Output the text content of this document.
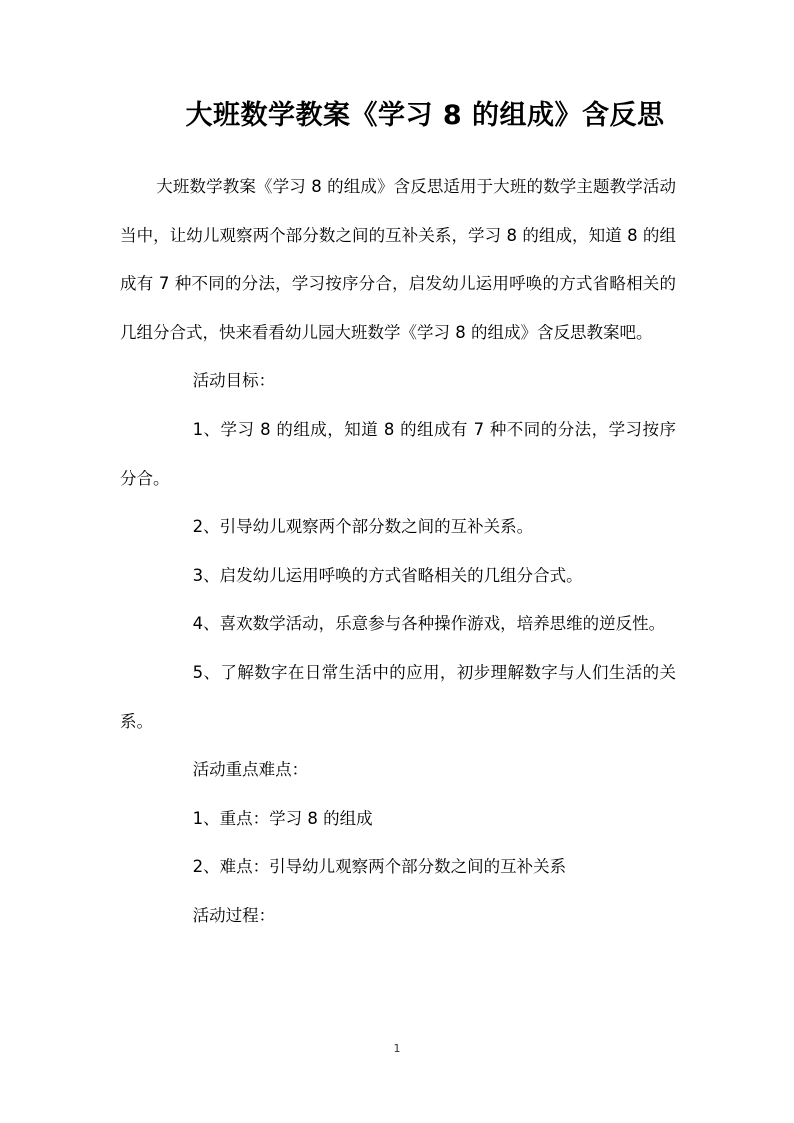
大班数学教案《学习 8 的组成》含反思

大班数学教案《学习 8 的组成》含反思适用于大班的数学主题教学活动当中，让幼儿观察两个部分数之间的互补关系，学习 8 的组成，知道 8 的组成有 7 种不同的分法，学习按序分合，启发幼儿运用呼唤的方式省略相关的几组分合式，快来看看幼儿园大班数学《学习 8 的组成》含反思教案吧。

活动目标：

1、学习 8 的组成，知道 8 的组成有 7 种不同的分法，学习按序分合。

2、引导幼儿观察两个部分数之间的互补关系。

3、启发幼儿运用呼唤的方式省略相关的几组分合式。

4、喜欢数学活动，乐意参与各种操作游戏，培养思维的逆反性。

5、了解数字在日常生活中的应用，初步理解数字与人们生活的关系。

活动重点难点：

1、重点：学习 8 的组成

2、难点：引导幼儿观察两个部分数之间的互补关系

活动过程：

1
